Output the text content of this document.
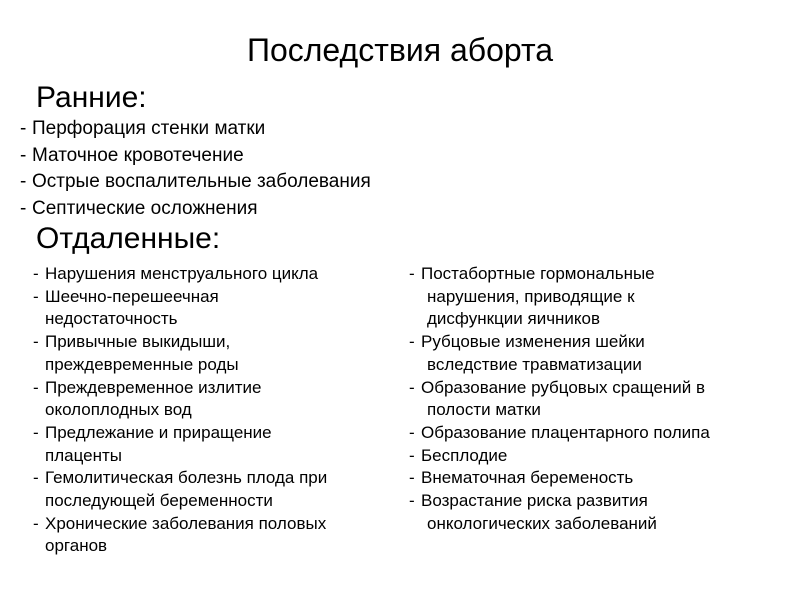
Последствия аборта
Ранние:
- Перфорация стенки матки
- Маточное кровотечение
- Острые воспалительные заболевания
- Септические осложнения
Отдаленные:
- Нарушения менструального цикла
- Шеечно-перешеечная
недостаточность
- Привычные выкидыши,
преждевременные роды
- Преждевременное излитие
околоплодных вод
- Предлежание и приращение
плаценты
- Гемолитическая болезнь плода при
последующей беременности
- Хронические заболевания половых
органов
- Постабортные гормональные
нарушения, приводящие к
дисфункции яичников
- Рубцовые изменения шейки
вследствие травматизации
- Образование рубцовых сращений в
полости матки
- Образование плацентарного полипа
- Бесплодие
- Внематочная беременость
- Возрастание риска развития
онкологических заболеваний
